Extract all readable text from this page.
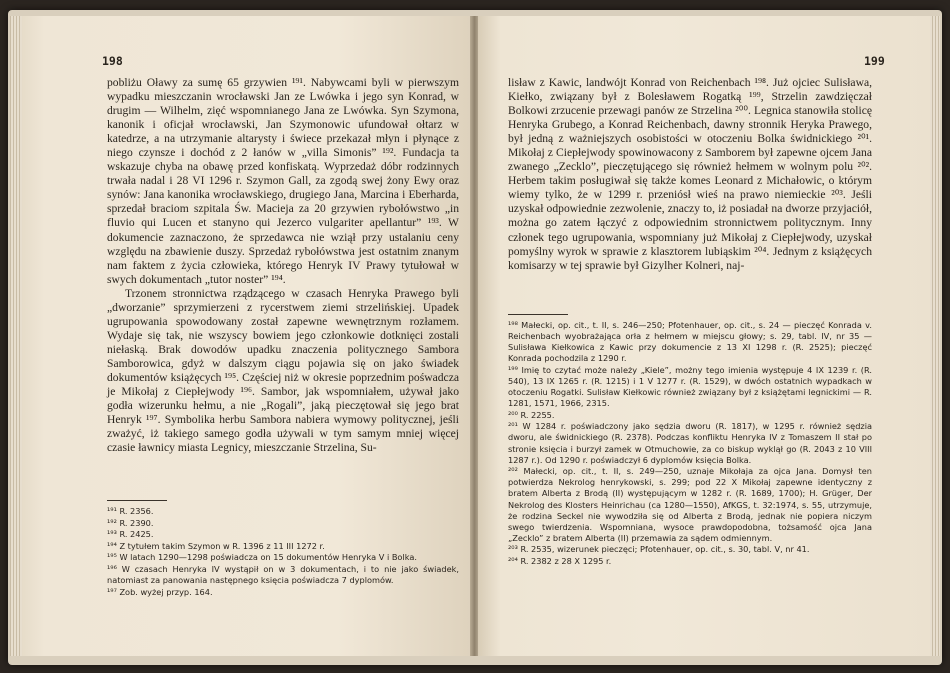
198

pobliżu Oławy za sumę 65 grzywien ¹⁹¹. Nabywcami byli w pierwszym wypadku mieszczanin wrocławski Jan ze Lwówka i jego syn Konrad, w drugim — Wilhelm, zięć wspomnianego Jana ze Lwówka. Syn Szymona, kanonik i oficjał wrocławski, Jan Szymonowic ufundował ołtarz w katedrze, a na utrzymanie altarysty i świece przekazał młyn i płynące z niego czynsze i dochód z 2 łanów w „villa Simonis” ¹⁹². Fundacja ta wskazuje chyba na obawę przed konfiskatą. Wyprzedaż dóbr rodzinnych trwała nadal i 28 VI 1296 r. Szymon Gall, za zgodą swej żony Ewy oraz synów: Jana kanonika wrocławskiego, drugiego Jana, Marcina i Eberharda, sprzedał braciom szpitala Św. Macieja za 20 grzywien rybołówstwo „in fluvio qui Lucen et stanyno qui Jezerco vulgariter apellantur” ¹⁹³. W dokumencie zaznaczono, że sprzedawca nie wziął przy ustalaniu ceny względu na zbawienie duszy. Sprzedaż rybołówstwa jest ostatnim znanym nam faktem z życia człowieka, którego Henryk IV Prawy tytułował w swych dokumentach „tutor noster” ¹⁹⁴.

Trzonem stronnictwa rządzącego w czasach Henryka Prawego byli „dworzanie” sprzymierzeni z rycerstwem ziemi strzelińskiej. Upadek ugrupowania spowodowany został zapewne wewnętrznym rozłamem. Wydaje się tak, nie wszyscy bowiem jego członkowie dotknięci zostali niełaską. Brak dowodów upadku znaczenia politycznego Sambora Samborowica, gdyż w dalszym ciągu pojawia się on jako świadek dokumentów książęcych ¹⁹⁵. Częściej niż w okresie poprzednim pośwadcza je Mikołaj z Ciepłejwody ¹⁹⁶. Sambor, jak wspomniałem, używał jako godła wizerunku hełmu, a nie „Rogali”, jaką pieczętował się jego brat Henryk ¹⁹⁷. Symbolika herbu Sambora nabiera wymowy politycznej, jeśli zważyć, iż takiego samego godła używali w tym samym mniej więcej czasie ławnicy miasta Legnicy, mieszczanie Strzelina, Su-

¹⁹¹ R. 2356.

¹⁹² R. 2390.

¹⁹³ R. 2425.

¹⁹⁴ Z tytułem takim Szymon w R. 1396 z 11 III 1272 r.

¹⁹⁵ W latach 1290—1298 poświadcza on 15 dokumentów Henryka V i Bolka.

¹⁹⁶ W czasach Henryka IV wystąpił on w 3 dokumentach, i to nie jako świadek, natomiast za panowania następnego księcia poświadcza 7 dyplomów.

¹⁹⁷ Zob. wyżej przyp. 164.

199

lisław z Kawic, landwójt Konrad von Reichenbach ¹⁹⁸. Już ojciec Sulisława, Kiełko, związany był z Bolesławem Rogatką ¹⁹⁹, Strzelin zawdzięczał Bolkowi zrzucenie przewagi panów ze Strzelina ²⁰⁰. Legnica stanowiła stolicę Henryka Grubego, a Konrad Reichenbach, dawny stronnik Heryka Prawego, był jedną z ważniejszych osobistości w otoczeniu Bolka świdnickiego ²⁰¹. Mikołaj z Ciepłejwody spowinowacony z Samborem był zapewne ojcem Jana zwanego „Zecklo”, pieczętującego się również hełmem w wolnym polu ²⁰². Herbem takim posługiwał się także komes Leonard z Michałowic, o którym wiemy tylko, że w 1299 r. przeniósł wieś na prawo niemieckie ²⁰³. Jeśli uzyskał odpowiednie zezwolenie, znaczy to, iż posiadał na dworze przyjaciół, można go zatem łączyć z odpowiednim stronnictwem politycznym. Inny członek tego ugrupowania, wspomniany już Mikołaj z Ciepłejwody, uzyskał pomyślny wyrok w sprawie z klasztorem lubiąskim ²⁰⁴. Jednym z książęcych komisarzy w tej sprawie był Gizylher Kolneri, naj-

¹⁹⁸ Małecki, op. cit., t. II, s. 246—250; Pfotenhauer, op. cit., s. 24 — pieczęć Konrada v. Reichenbach wyobrażająca orła z hełmem w miejscu głowy; s. 29, tabl. IV, nr 35 — Sulisława Kiełkowica z Kawic przy dokumencie z 13 XI 1298 r. (R. 2525); pieczęć Konrada pochodzila z 1290 r.

¹⁹⁹ Imię to czytać może należy „Kiele”, możny tego imienia występuje 4 IX 1239 r. (R. 540), 13 IX 1265 r. (R. 1215) i 1 V 1277 r. (R. 1529), w dwóch ostatnich wypadkach w otoczeniu Rogatki. Sulisław Kiełkowic również związany był z książętami legnickimi — R. 1281, 1571, 1966, 2315.

²⁰⁰ R. 2255.

²⁰¹ W 1284 r. poświadczony jako sędzia dworu (R. 1817), w 1295 r. również sędzia dworu, ale świdnickiego (R. 2378). Podczas konfliktu Henryka IV z Tomaszem II stał po stronie księcia i burzył zamek w Otmuchowie, za co biskup wyklął go (R. 2043 z 10 VIII 1287 r.). Od 1290 r. poświadczył 6 dyplomów księcia Bolka.

²⁰² Małecki, op. cit., t. II, s. 249—250, uznaje Mikołaja za ojca Jana. Domysł ten potwierdza Nekrolog henrykowski, s. 299; pod 22 X Mikołaj zapewne identyczny z bratem Alberta z Brodą (II) występującym w 1282 r. (R. 1689, 1700); H. Grüger, Der Nekrolog des Klosters Heinrichau (ca 1280—1550), AfKGS, t. 32:1974, s. 55, utrzymuje, że rodzina Seckel nie wywodziła się od Alberta z Brodą, jednak nie popiera niczym swego twierdzenia. Wspomniana, wysoce prawdopodobna, tożsamość ojca Jana „Zecklo” z bratem Alberta (II) przemawia za sądem odmiennym.

²⁰³ R. 2535, wizerunek pieczęci; Pfotenhauer, op. cit., s. 30, tabl. V, nr 41.

²⁰⁴ R. 2382 z 28 X 1295 r.
